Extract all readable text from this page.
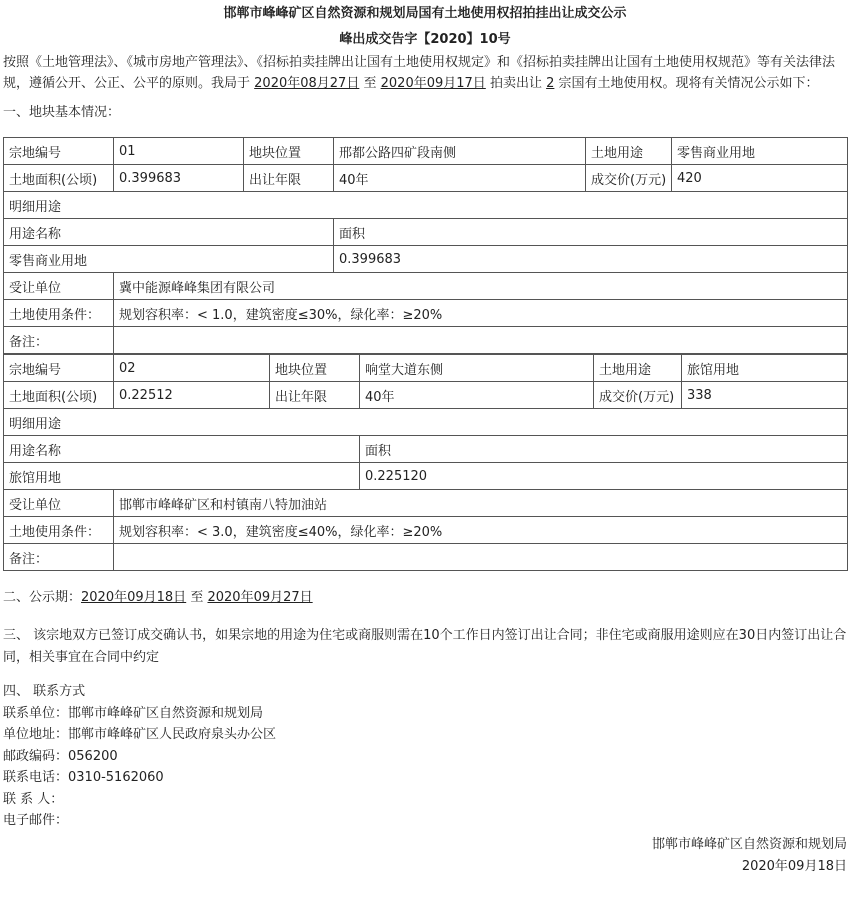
邯郸市峰峰矿区自然资源和规划局国有土地使用权招拍挂出让成交公示
峰出成交告字【2020】10号
按照《土地管理法》、《城市房地产管理法》、《招标拍卖挂牌出让国有土地使用权规定》和《招标拍卖挂牌出让国有土地使用权规范》等有关法律法规，遵循公开、公正、公平的原则。我局于 2020年08月27日 至 2020年09月17日 拍卖出让 2 宗国有土地使用权。现将有关情况公示如下：
一、地块基本情况：
宗地编号	01	地块位置	邢都公路四矿段南侧	土地用途	零售商业用地
土地面积(公顷)	0.399683	出让年限	40年	成交价(万元)	420
明细用途					
用途名称			面积		
零售商业用地			0.399683		
受让单位	冀中能源峰峰集团有限公司				
土地使用条件：	规划容积率：< 1.0，建筑密度≤30%，绿化率：≥20%				
备注：					
宗地编号	02	地块位置	响堂大道东侧	土地用途	旅馆用地
土地面积(公顷)	0.22512	出让年限	40年	成交价(万元)	338
明细用途					
用途名称			面积		
旅馆用地			0.225120		
受让单位	邯郸市峰峰矿区和村镇南八特加油站				
土地使用条件：	规划容积率：< 3.0，建筑密度≤40%，绿化率：≥20%				
备注：					
二、公示期：2020年09月18日 至 2020年09月27日
三、 该宗地双方已签订成交确认书，如果宗地的用途为住宅或商服则需在10个工作日内签订出让合同；非住宅或商服用途则应在30日内签订出让合同，相关事宜在合同中约定
四、 联系方式
联系单位：邯郸市峰峰矿区自然资源和规划局
单位地址：邯郸市峰峰矿区人民政府泉头办公区
邮政编码：056200
联系电话：0310-5162060
联 系 人：
电子邮件：
邯郸市峰峰矿区自然资源和规划局
2020年09月18日
